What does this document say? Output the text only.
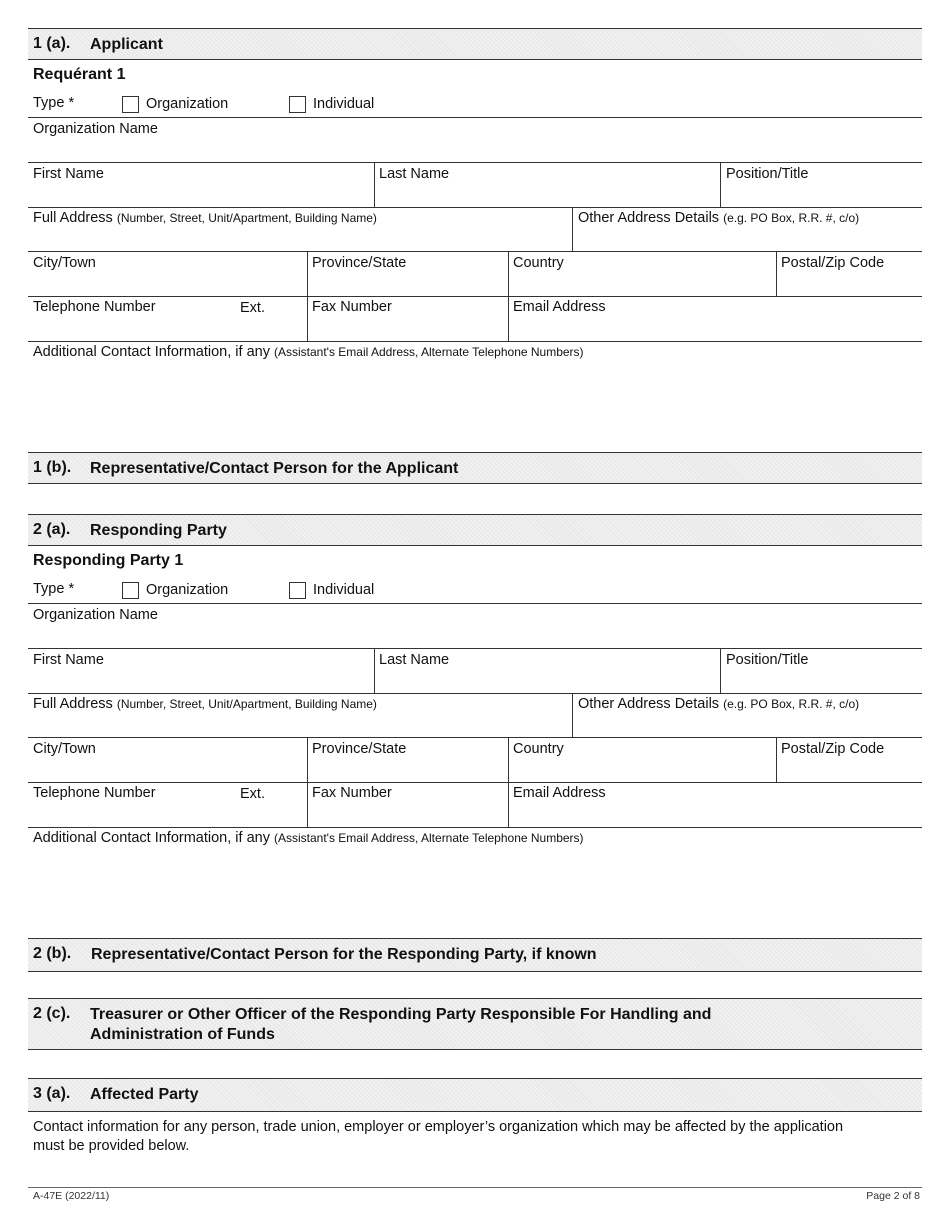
1 (a). Applicant
Requérant 1
Type *	Organization	Individual
Organization Name
First Name	Last Name	Position/Title
Full Address (Number, Street, Unit/Apartment, Building Name)	Other Address Details (e.g. PO Box, R.R. #, c/o)
City/Town	Province/State	Country	Postal/Zip Code
Telephone Number	Ext.	Fax Number	Email Address
Additional Contact Information, if any (Assistant's Email Address, Alternate Telephone Numbers)
1 (b). Representative/Contact Person for the Applicant
2 (a). Responding Party
Responding Party 1
Type *	Organization	Individual
Organization Name
First Name	Last Name	Position/Title
Full Address (Number, Street, Unit/Apartment, Building Name)	Other Address Details (e.g. PO Box, R.R. #, c/o)
City/Town	Province/State	Country	Postal/Zip Code
Telephone Number	Ext.	Fax Number	Email Address
Additional Contact Information, if any (Assistant's Email Address, Alternate Telephone Numbers)
2 (b). Representative/Contact Person for the Responding Party, if known
2 (c). Treasurer or Other Officer of the Responding Party Responsible For Handling and
Administration of Funds
3 (a). Affected Party
Contact information for any person, trade union, employer or employer’s organization which may be affected by the application
must be provided below.
A-47E (2022/11)	Page 2 of 8
